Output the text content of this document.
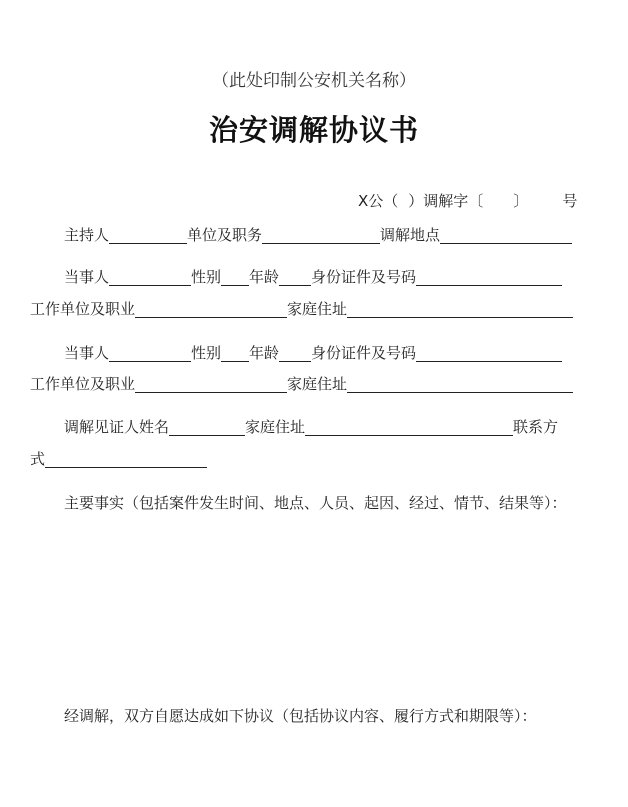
（此处印制公安机关名称）
治安调解协议书
X公（ ）调解字〔 〕 号
主持人	单位及职务	调解地点
当事人	性别 年龄 身份证件及号码
工作单位及职业	家庭住址
当事人	性别 年龄 身份证件及号码
工作单位及职业	家庭住址
调解见证人姓名	家庭住址	联系方
式
主要事实（包括案件发生时间、地点、人员、起因、经过、情节、结果等）：
经调解，双方自愿达成如下协议（包括协议内容、履行方式和期限等）：
